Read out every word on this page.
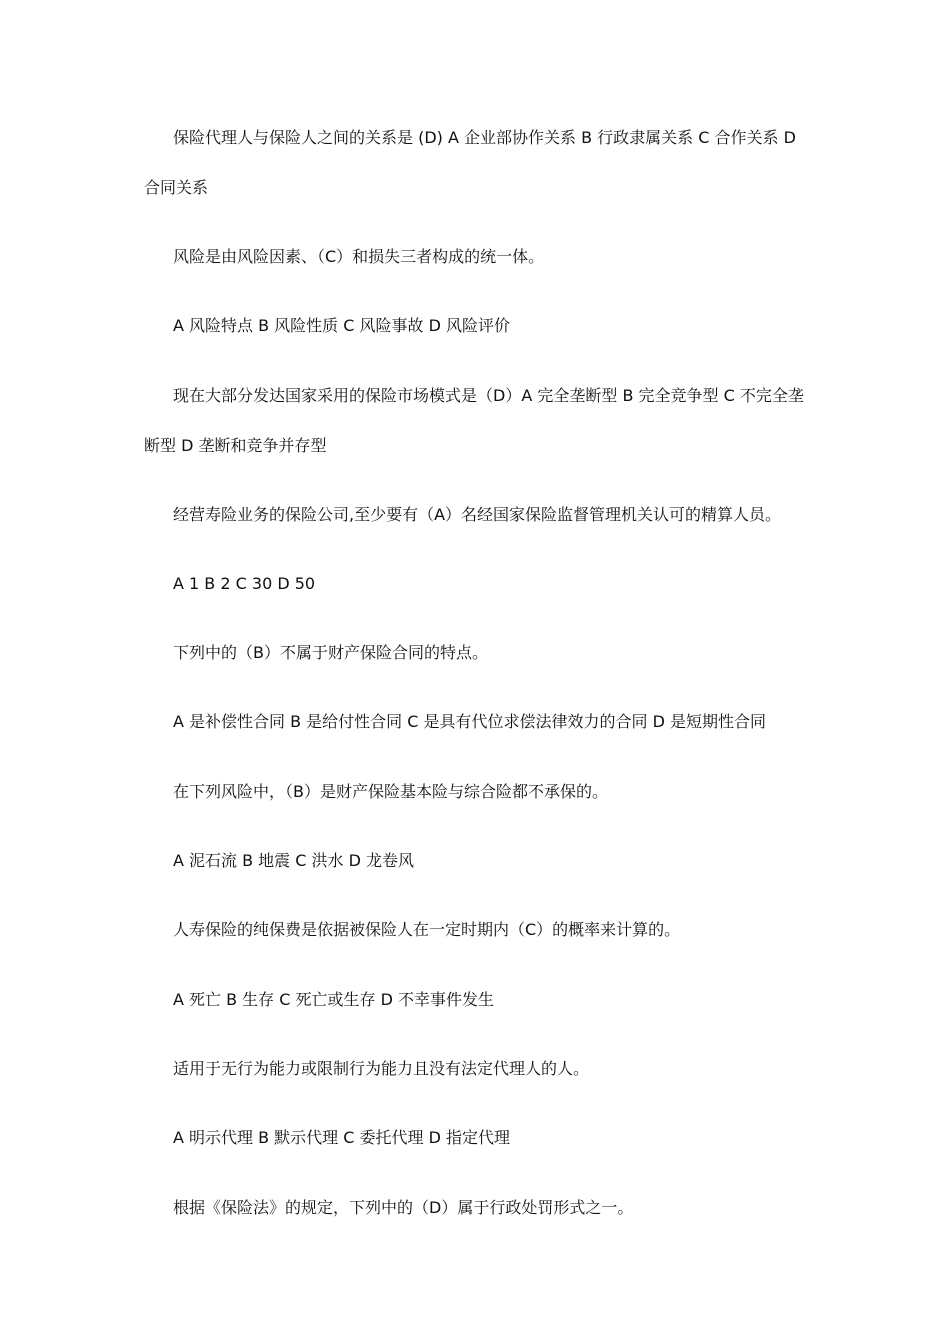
保险代理人与保险人之间的关系是 (D) A 企业部协作关系 B 行政隶属关系 C 合作关系 D 合同关系

风险是由风险因素、（C）和损失三者构成的统一体。

A 风险特点 B 风险性质 C 风险事故 D 风险评价

现在大部分发达国家采用的保险市场模式是（D）A 完全垄断型 B 完全竞争型 C 不完全垄断型 D 垄断和竞争并存型

经营寿险业务的保险公司,至少要有（A）名经国家保险监督管理机关认可的精算人员。

A 1 B 2 C 30 D 50

下列中的（B）不属于财产保险合同的特点。

A 是补偿性合同 B 是给付性合同 C 是具有代位求偿法律效力的合同 D 是短期性合同

在下列风险中，（B）是财产保险基本险与综合险都不承保的。

A 泥石流 B 地震 C 洪水 D 龙卷风

人寿保险的纯保费是依据被保险人在一定时期内（C）的概率来计算的。

A 死亡 B 生存 C 死亡或生存 D 不幸事件发生

适用于无行为能力或限制行为能力且没有法定代理人的人。

A 明示代理 B 默示代理 C 委托代理 D 指定代理

根据《保险法》的规定，下列中的（D）属于行政处罚形式之一。
